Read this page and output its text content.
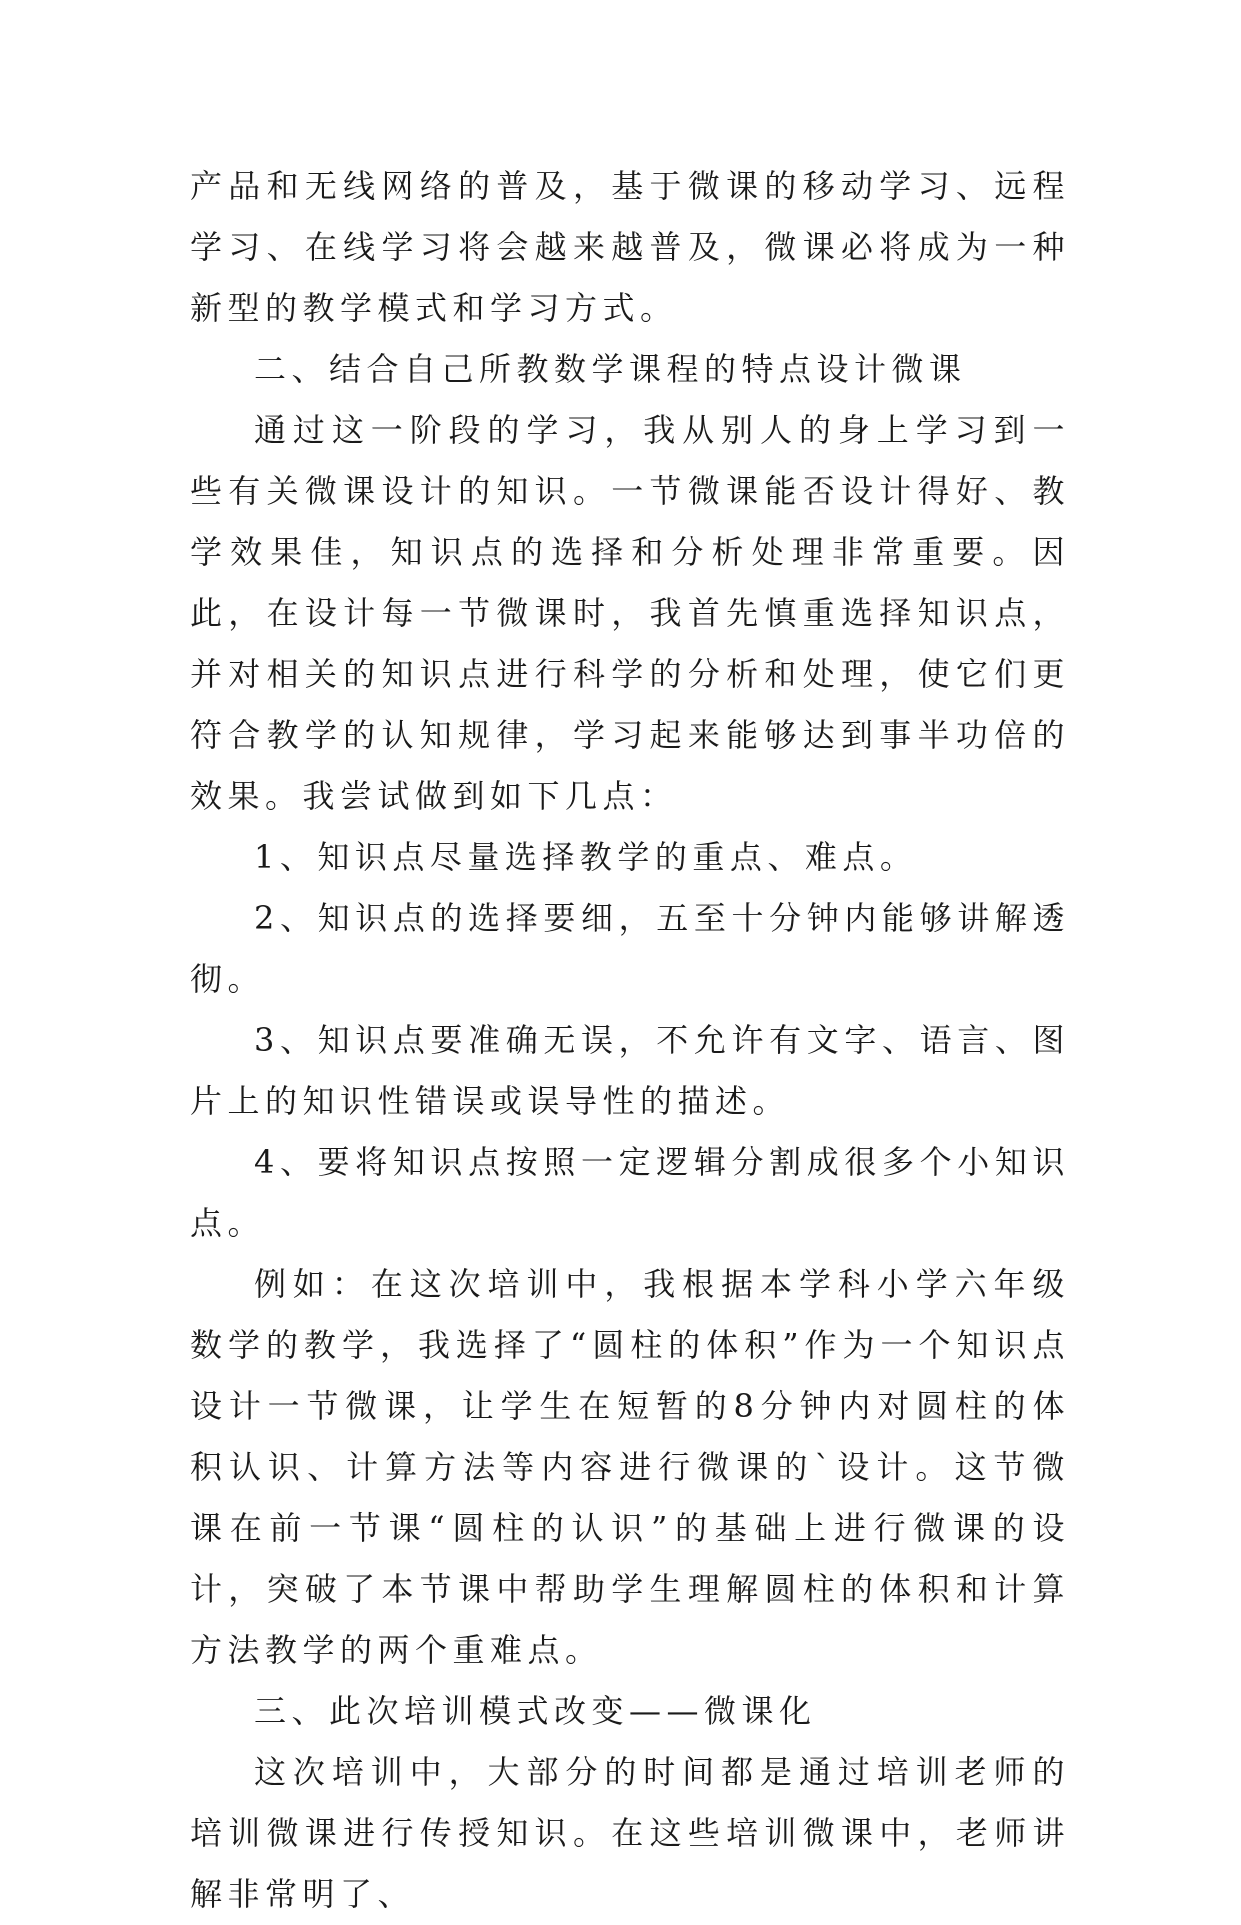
产品和无线网络的普及，基于微课的移动学习、远程学习、在线学习将会越来越普及，微课必将成为一种新型的教学模式和学习方式。

二、结合自己所教数学课程的特点设计微课

通过这一阶段的学习，我从别人的身上学习到一些有关微课设计的知识。一节微课能否设计得好、教学效果佳，知识点的选择和分析处理非常重要。因此，在设计每一节微课时，我首先慎重选择知识点，并对相关的知识点进行科学的分析和处理，使它们更符合教学的认知规律，学习起来能够达到事半功倍的效果。我尝试做到如下几点：

1、知识点尽量选择教学的重点、难点。

2、知识点的选择要细，五至十分钟内能够讲解透彻。

3、知识点要准确无误，不允许有文字、语言、图片上的知识性错误或误导性的描述。

4、要将知识点按照一定逻辑分割成很多个小知识点。

例如：在这次培训中，我根据本学科小学六年级数学的教学，我选择了“圆柱的体积”作为一个知识点设计一节微课，让学生在短暂的8分钟内对圆柱的体积认识、计算方法等内容进行微课的`设计。这节微课在前一节课“圆柱的认识”的基础上进行微课的设计，突破了本节课中帮助学生理解圆柱的体积和计算方法教学的两个重难点。

三、此次培训模式改变——微课化

这次培训中，大部分的时间都是通过培训老师的培训微课进行传授知识。在这些培训微课中，老师讲解非常明了、
